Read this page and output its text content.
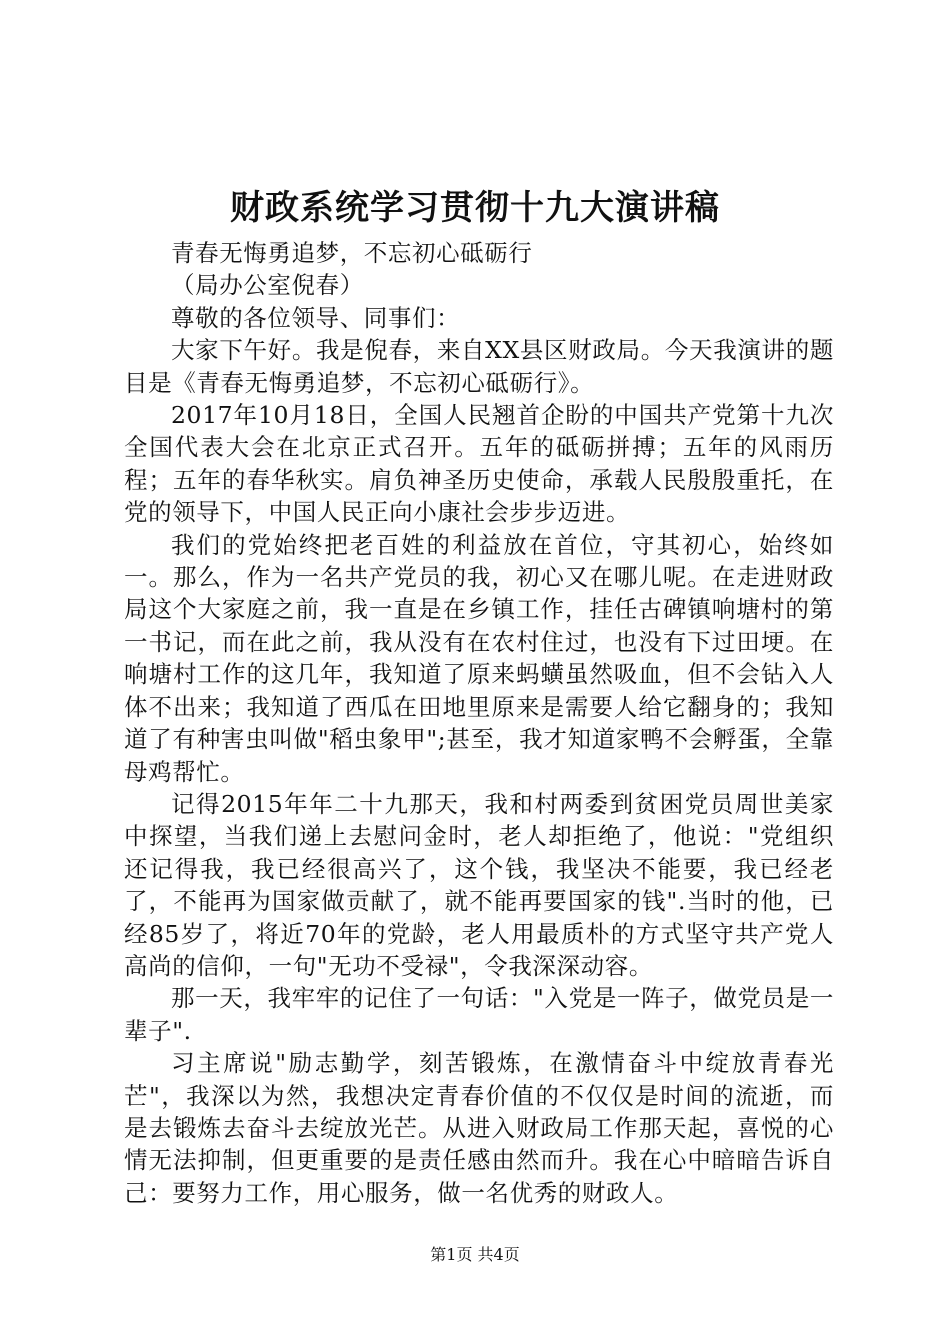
财政系统学习贯彻十九大演讲稿

青春无悔勇追梦，不忘初心砥砺行

（局办公室倪春）

尊敬的各位领导、同事们：

大家下午好。我是倪春，来自XX县区财政局。今天我演讲的题目是《青春无悔勇追梦，不忘初心砥砺行》。

2017年10月18日，全国人民翘首企盼的中国共产党第十九次全国代表大会在北京正式召开。五年的砥砺拼搏；五年的风雨历程；五年的春华秋实。肩负神圣历史使命，承载人民殷殷重托，在党的领导下，中国人民正向小康社会步步迈进。

我们的党始终把老百姓的利益放在首位，守其初心，始终如一。那么，作为一名共产党员的我，初心又在哪儿呢。在走进财政局这个大家庭之前，我一直是在乡镇工作，挂任古碑镇响塘村的第一书记，而在此之前，我从没有在农村住过，也没有下过田埂。在响塘村工作的这几年，我知道了原来蚂蟥虽然吸血，但不会钻入人体不出来；我知道了西瓜在田地里原来是需要人给它翻身的；我知道了有种害虫叫做"稻虫象甲";甚至，我才知道家鸭不会孵蛋，全靠母鸡帮忙。

记得2015年年二十九那天，我和村两委到贫困党员周世美家中探望，当我们递上去慰问金时，老人却拒绝了，他说："党组织还记得我，我已经很高兴了，这个钱，我坚决不能要，我已经老了，不能再为国家做贡献了，就不能再要国家的钱".当时的他，已经85岁了，将近70年的党龄，老人用最质朴的方式坚守共产党人高尚的信仰，一句"无功不受禄"，令我深深动容。

那一天，我牢牢的记住了一句话："入党是一阵子，做党员是一辈子".

习主席说"励志勤学，刻苦锻炼，在激情奋斗中绽放青春光芒"，我深以为然，我想决定青春价值的不仅仅是时间的流逝，而是去锻炼去奋斗去绽放光芒。从进入财政局工作那天起，喜悦的心情无法抑制，但更重要的是责任感由然而升。我在心中暗暗告诉自己：要努力工作，用心服务，做一名优秀的财政人。

第1页 共4页
